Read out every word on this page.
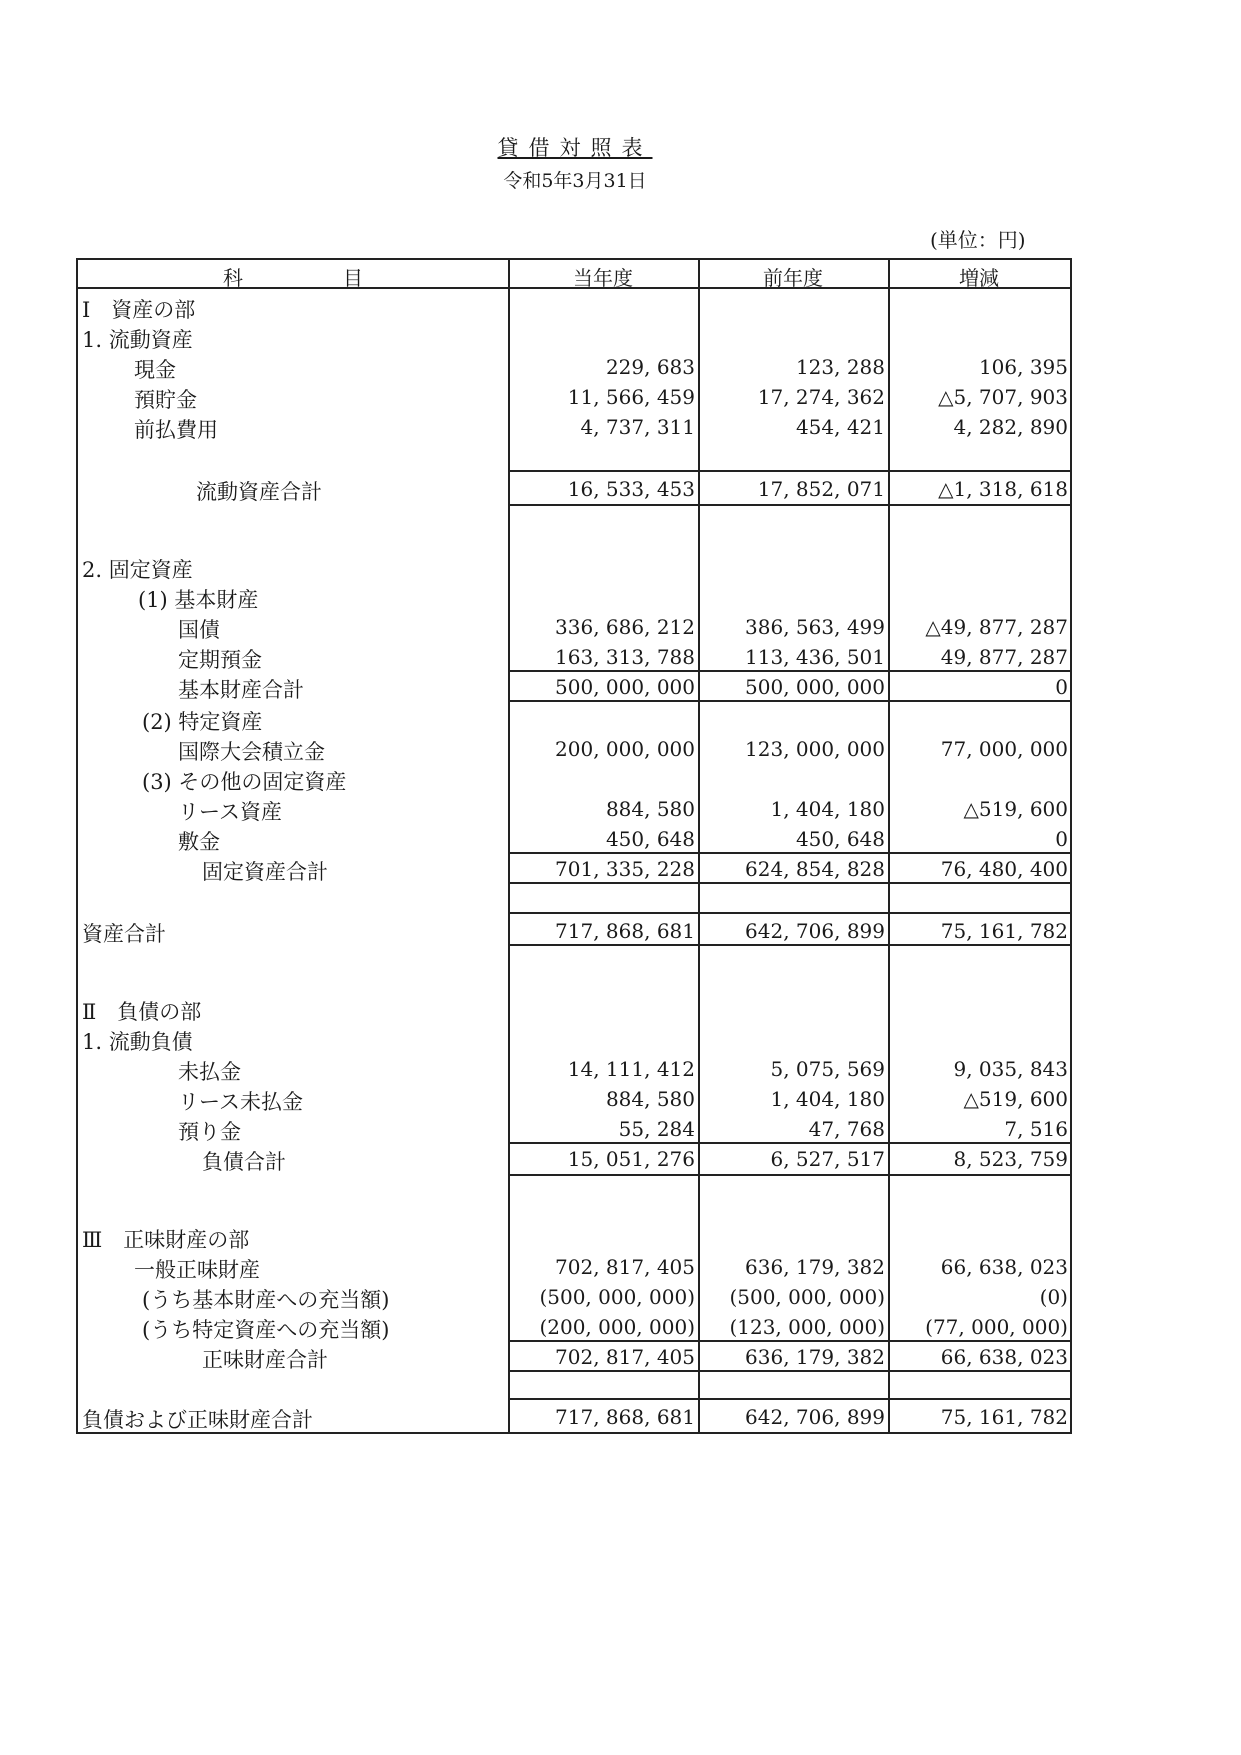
貸借対照表
令和5年3月31日
(単位：円)
科　　　　　目	当年度	前年度	増減
Ⅰ　資産の部
1. 流動資産
現金	229, 683	123, 288	106, 395
預貯金	11, 566, 459	17, 274, 362	△5, 707, 903
前払費用	4, 737, 311	454, 421	4, 282, 890
流動資産合計	16, 533, 453	17, 852, 071	△1, 318, 618
2. 固定資産
(1) 基本財産
国債	336, 686, 212	386, 563, 499	△49, 877, 287
定期預金	163, 313, 788	113, 436, 501	49, 877, 287
基本財産合計	500, 000, 000	500, 000, 000	0
(2) 特定資産
国際大会積立金	200, 000, 000	123, 000, 000	77, 000, 000
(3) その他の固定資産
リース資産	884, 580	1, 404, 180	△519, 600
敷金	450, 648	450, 648	0
固定資産合計	701, 335, 228	624, 854, 828	76, 480, 400
資産合計	717, 868, 681	642, 706, 899	75, 161, 782
Ⅱ　負債の部
1. 流動負債
未払金	14, 111, 412	5, 075, 569	9, 035, 843
リース未払金	884, 580	1, 404, 180	△519, 600
預り金	55, 284	47, 768	7, 516
負債合計	15, 051, 276	6, 527, 517	8, 523, 759
Ⅲ　正味財産の部
一般正味財産	702, 817, 405	636, 179, 382	66, 638, 023
(うち基本財産への充当額)	(500, 000, 000)	(500, 000, 000)	(0)
(うち特定資産への充当額)	(200, 000, 000)	(123, 000, 000)	(77, 000, 000)
正味財産合計	702, 817, 405	636, 179, 382	66, 638, 023
負債および正味財産合計	717, 868, 681	642, 706, 899	75, 161, 782
